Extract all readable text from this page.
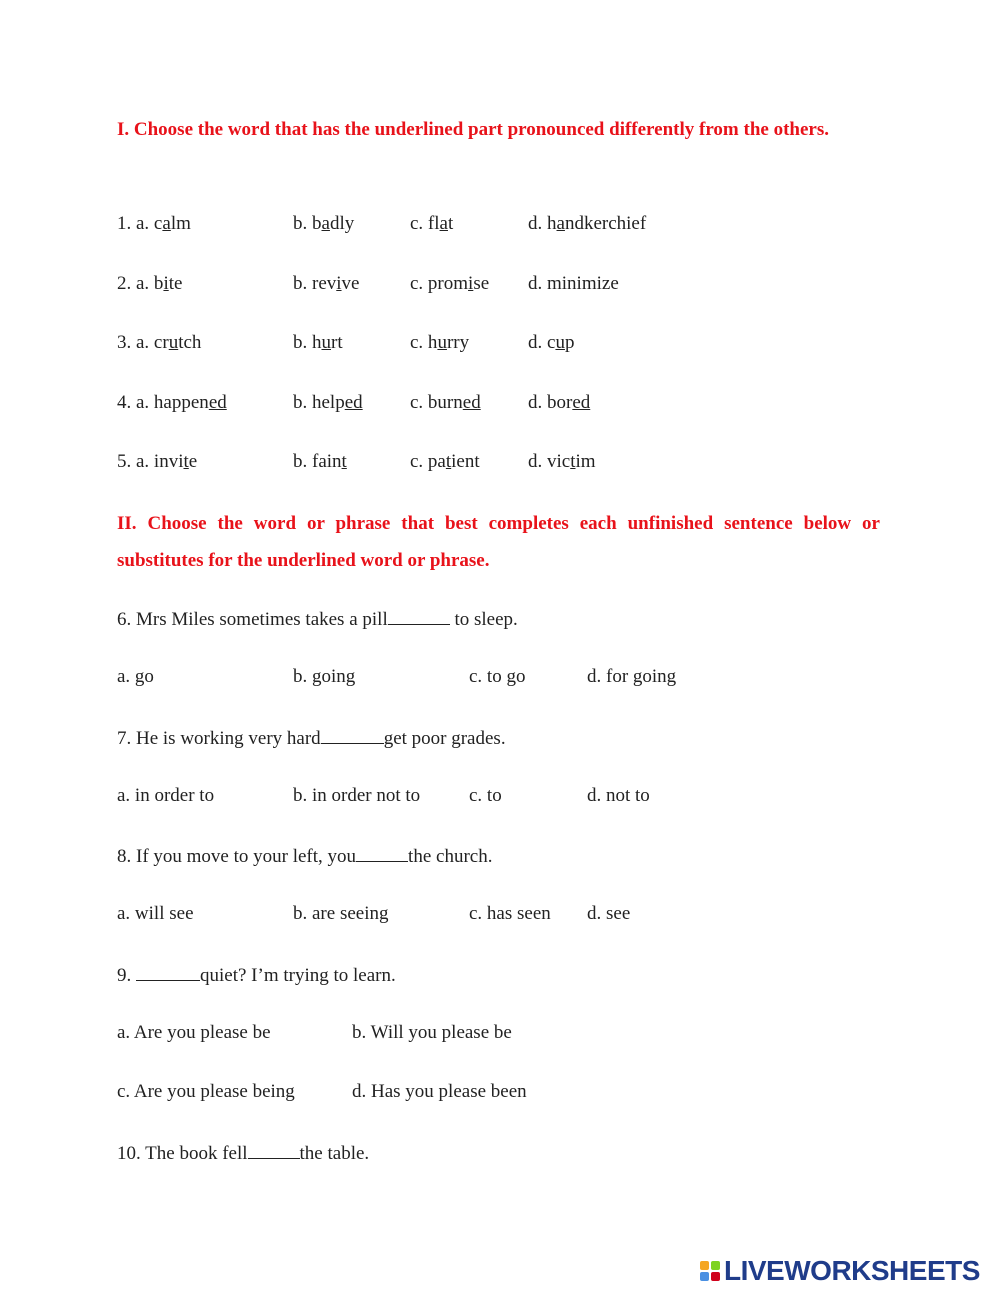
I. Choose the word that has the underlined part pronounced differently from the others.
1. a. calm	b. badly	c. flat	d. handkerchief
2. a. bite	b. revive	c. promise d. minimize
3. a. crutch	b. hurt	c. hurry	d. cup
4. a. happened	b. helped c. burned d. bored
5. a. invite	b. faint	c. patient	d. victim
II. Choose the word or phrase that best completes each unfinished sentence below or substitutes for the underlined word or phrase.
6. Mrs Miles sometimes takes a pill	to sleep.
a. go	b. going	c. to go	d. for going
7. He is working very hard	get poor grades.
a. in order to	b. in order not to	c. to	d. not to
8. If you move to your left, you	the church.
a. will see	b. are seeing	c. has seen d. see
9.	quiet? I’m trying to learn.
a. Are you please be	b. Will you please be
c. Are you please being	d. Has you please been
10. The book fell	the table.
LIVEWORKSHEETS
